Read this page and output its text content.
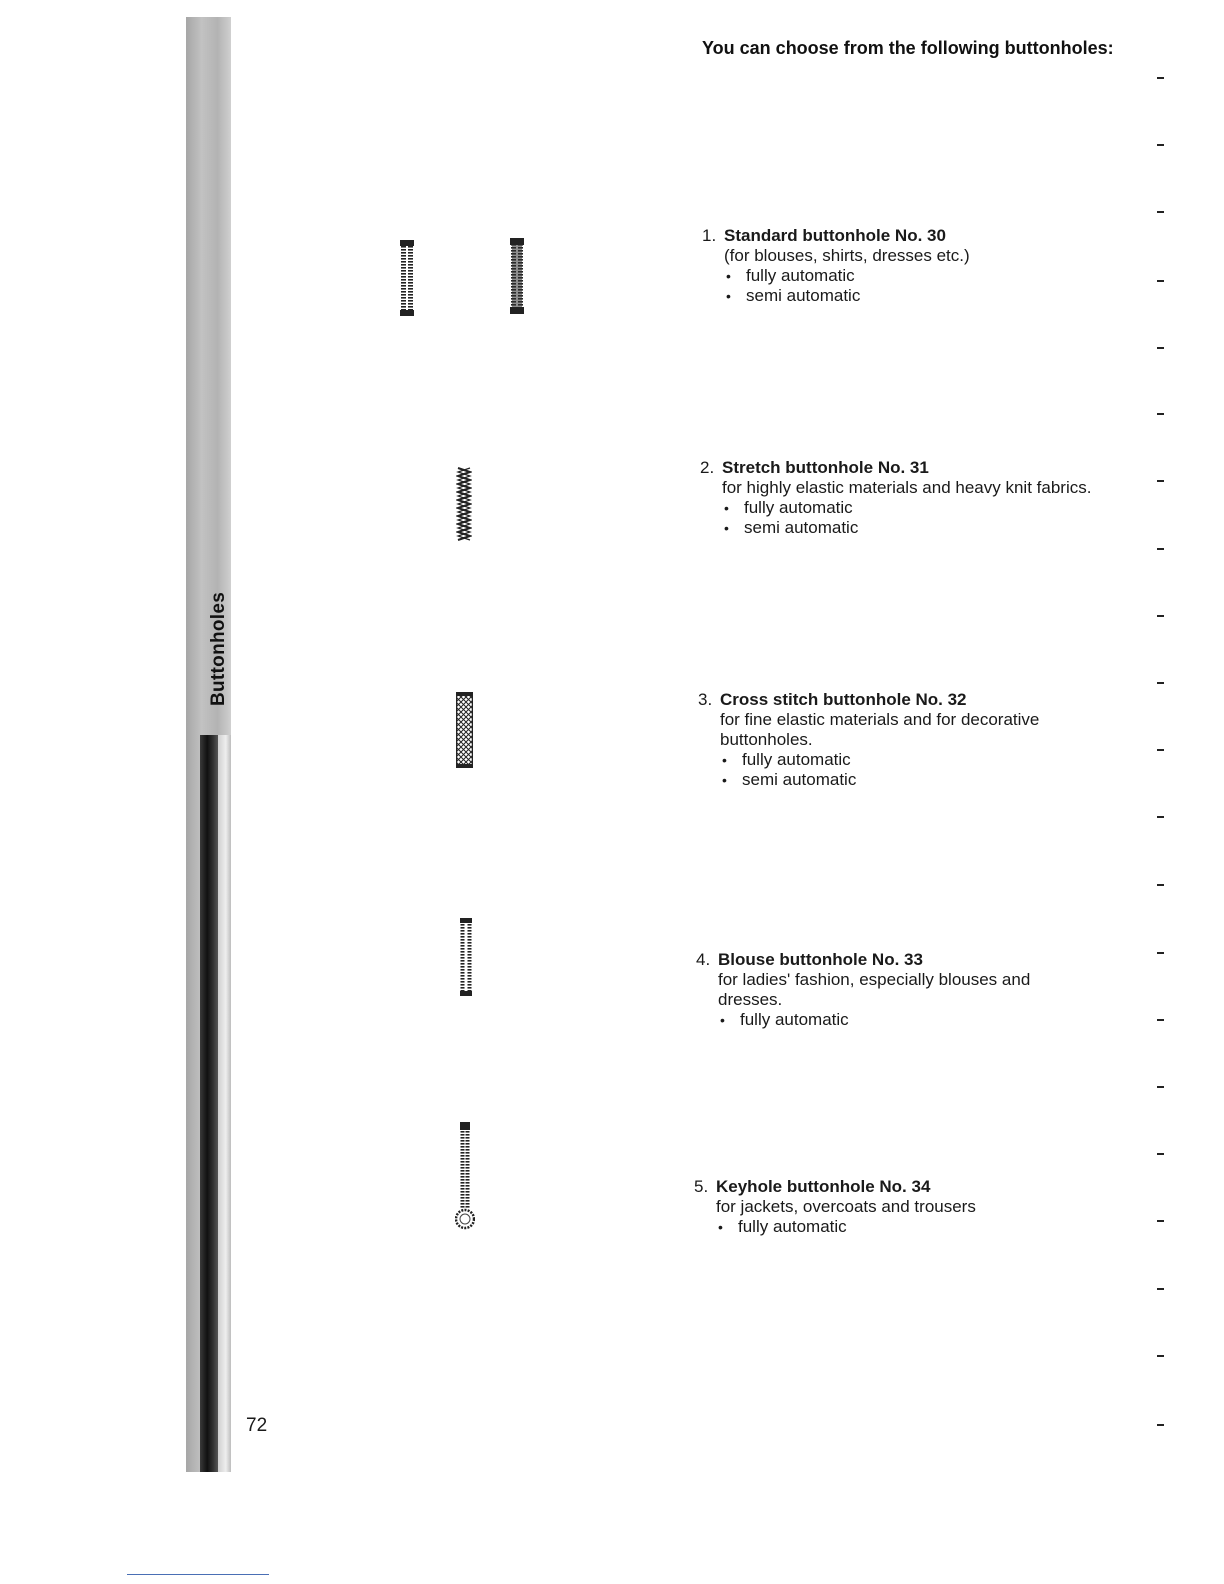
Buttonholes
72
You can choose from the following buttonholes:
1. Standard buttonhole No. 30
(for blouses, shirts, dresses etc.)
• fully automatic
• semi automatic
2. Stretch buttonhole No. 31
for highly elastic materials and heavy knit fabrics.
• fully automatic
• semi automatic
3. Cross stitch buttonhole No. 32
for fine elastic materials and for decorative buttonholes.
• fully automatic
• semi automatic
4. Blouse buttonhole No. 33
for ladies' fashion, especially blouses and dresses.
• fully automatic
5. Keyhole buttonhole No. 34
for jackets, overcoats and trousers
• fully automatic
